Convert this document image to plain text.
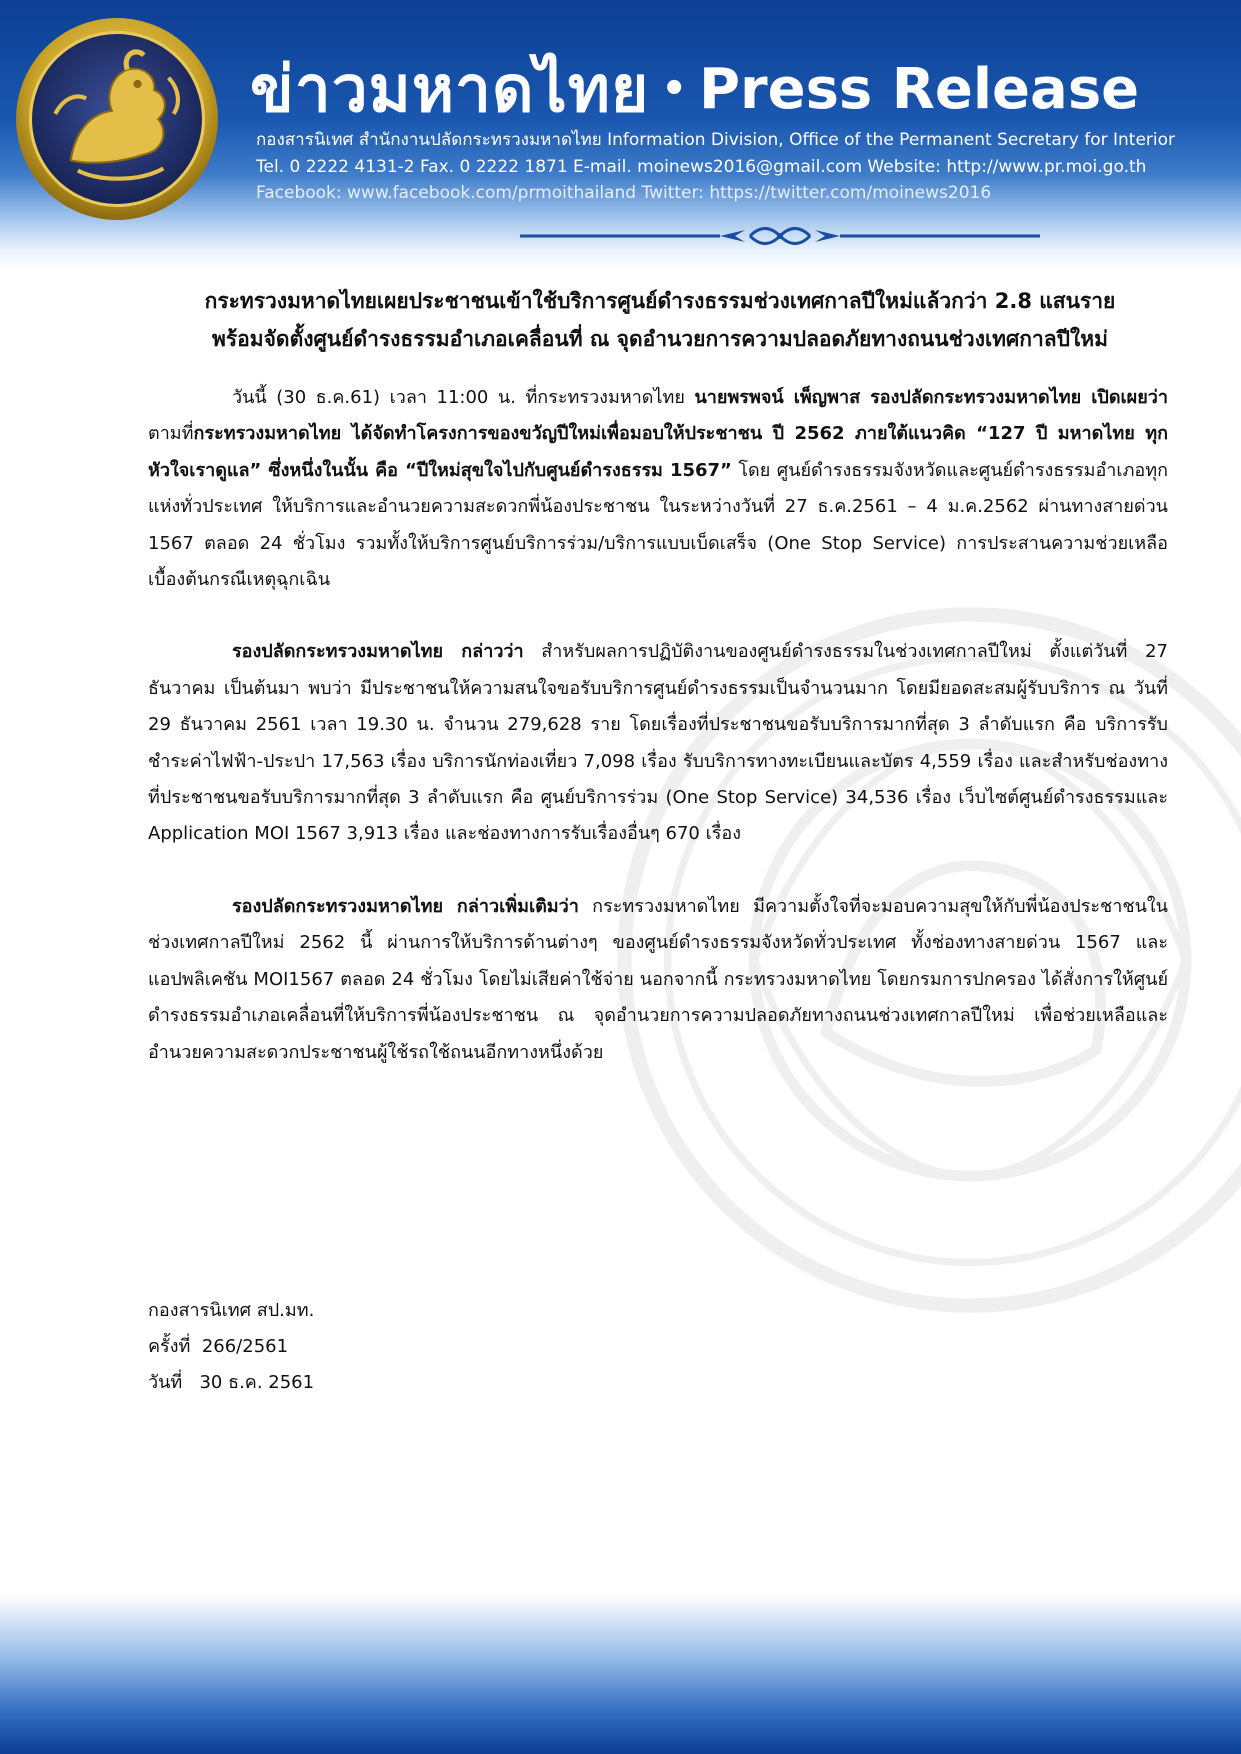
ข่าวมหาดไทย • Press Release
กองสารนิเทศ สำนักงานปลัดกระทรวงมหาดไทย Information Division, Office of the Permanent Secretary for Interior
Tel. 0 2222 4131-2 Fax. 0 2222 1871 E-mail. moinews2016@gmail.com Website: http://www.pr.moi.go.th
Facebook: www.facebook.com/prmoithailand Twitter: https://twitter.com/moinews2016
กระทรวงมหาดไทยเผยประชาชนเข้าใช้บริการศูนย์ดำรงธรรมช่วงเทศกาลปีใหม่แล้วกว่า 2.8 แสนราย
พร้อมจัดตั้งศูนย์ดำรงธรรมอำเภอเคลื่อนที่ ณ จุดอำนวยการความปลอดภัยทางถนนช่วงเทศกาลปีใหม่

วันนี้ (30 ธ.ค.61) เวลา 11:00 น. ที่กระทรวงมหาดไทย นายพรพจน์ เพ็ญพาส รองปลัดกระทรวงมหาดไทย เปิดเผยว่า ตามที่กระทรวงมหาดไทย ได้จัดทำโครงการของขวัญปีใหม่เพื่อมอบให้ประชาชน ปี 2562 ภายใต้แนวคิด “127 ปี มหาดไทย ทุกหัวใจเราดูแล” ซึ่งหนึ่งในนั้น คือ “ปีใหม่สุขใจไปกับศูนย์ดำรงธรรม 1567” โดย ศูนย์ดำรงธรรมจังหวัดและศูนย์ดำรงธรรมอำเภอทุกแห่งทั่วประเทศ ให้บริการและอำนวยความสะดวกพี่น้องประชาชน ในระหว่างวันที่ 27 ธ.ค.2561 – 4 ม.ค.2562 ผ่านทางสายด่วน 1567 ตลอด 24 ชั่วโมง รวมทั้งให้บริการศูนย์บริการร่วม/บริการแบบเบ็ดเสร็จ (One Stop Service) การประสานความช่วยเหลือเบื้องต้นกรณีเหตุฉุกเฉิน

รองปลัดกระทรวงมหาดไทย กล่าวว่า สำหรับผลการปฏิบัติงานของศูนย์ดำรงธรรมในช่วงเทศกาลปีใหม่ ตั้งแต่วันที่ 27 ธันวาคม เป็นต้นมา พบว่า มีประชาชนให้ความสนใจขอรับบริการศูนย์ดำรงธรรมเป็นจำนวนมาก โดยมียอดสะสมผู้รับบริการ ณ วันที่ 29 ธันวาคม 2561 เวลา 19.30 น. จำนวน 279,628 ราย โดยเรื่องที่ประชาชนขอรับบริการมากที่สุด 3 ลำดับแรก คือ บริการรับชำระค่าไฟฟ้า-ประปา 17,563 เรื่อง บริการนักท่องเที่ยว 7,098 เรื่อง รับบริการทางทะเบียนและบัตร 4,559 เรื่อง และสำหรับช่องทางที่ประชาชนขอรับบริการมากที่สุด 3 ลำดับแรก คือ ศูนย์บริการร่วม (One Stop Service) 34,536 เรื่อง เว็บไซต์ศูนย์ดำรงธรรมและ Application MOI 1567 3,913 เรื่อง และช่องทางการรับเรื่องอื่นๆ 670 เรื่อง

รองปลัดกระทรวงมหาดไทย กล่าวเพิ่มเติมว่า กระทรวงมหาดไทย มีความตั้งใจที่จะมอบความสุขให้กับพี่น้องประชาชนในช่วงเทศกาลปีใหม่ 2562 นี้ ผ่านการให้บริการด้านต่างๆ ของศูนย์ดำรงธรรมจังหวัดทั่วประเทศ ทั้งช่องทางสายด่วน 1567 และแอปพลิเคชัน MOI1567 ตลอด 24 ชั่วโมง โดยไม่เสียค่าใช้จ่าย นอกจากนี้ กระทรวงมหาดไทย โดยกรมการปกครอง ได้สั่งการให้ศูนย์ดำรงธรรมอำเภอเคลื่อนที่ให้บริการพี่น้องประชาชน ณ จุดอำนวยการความปลอดภัยทางถนนช่วงเทศกาลปีใหม่ เพื่อช่วยเหลือและอำนวยความสะดวกประชาชนผู้ใช้รถใช้ถนนอีกทางหนึ่งด้วย

กองสารนิเทศ สป.มท.
ครั้งที่ 266/2561
วันที่ 30 ธ.ค. 2561
